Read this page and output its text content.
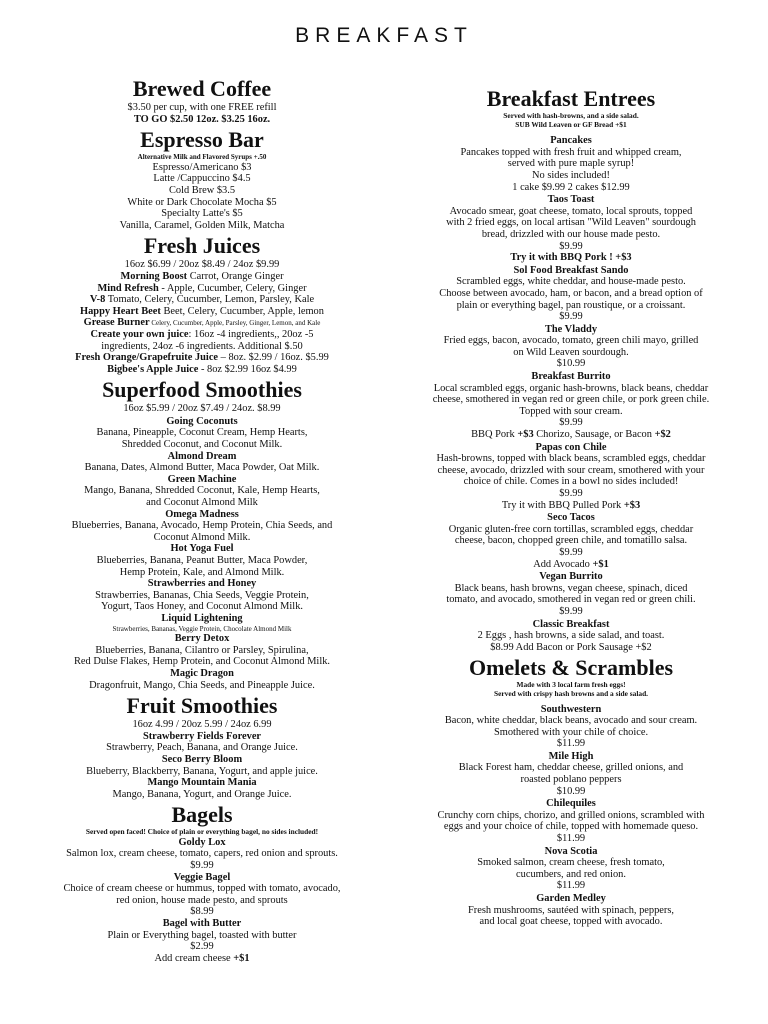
BREAKFAST
Brewed Coffee
$3.50 per cup, with one FREE refill
TO GO $2.50 12oz. $3.25 16oz.
Espresso Bar
Alternative Milk and Flavored Syrups +.50
Espresso/Americano $3
Latte /Cappuccino $4.5
Cold Brew $3.5
White or Dark Chocolate Mocha $5
Specialty Latte's $5
Vanilla, Caramel, Golden Milk, Matcha
Fresh Juices
16oz $6.99 / 20oz $8.49 / 24oz $9.99
Morning Boost Carrot, Orange Ginger
Mind Refresh - Apple, Cucumber, Celery, Ginger
V-8 Tomato, Celery, Cucumber, Lemon, Parsley, Kale
Happy Heart Beet Beet, Celery, Cucumber, Apple, lemon
Grease Burner Celery, Cucumber, Apple, Parsley, Ginger, Lemon, and Kale
Create your own juice: 16oz -4 ingredients,, 20oz -5
ingredients, 24oz -6 ingredients. Additional $.50
Fresh Orange/Grapefruite Juice – 8oz. $2.99 / 16oz. $5.99
Bigbee's Apple Juice - 8oz $2.99 16oz $4.99
Superfood Smoothies
16oz $5.99 / 20oz $7.49 / 24oz. $8.99
Going Coconuts
Banana, Pineapple, Coconut Cream, Hemp Hearts,
Shredded Coconut, and Coconut Milk.
Almond Dream
Banana, Dates, Almond Butter, Maca Powder, Oat Milk.
Green Machine
Mango, Banana, Shredded Coconut, Kale, Hemp Hearts,
and Coconut Almond Milk
Omega Madness
Blueberries, Banana, Avocado, Hemp Protein, Chia Seeds, and
Coconut Almond Milk.
Hot Yoga Fuel
Blueberries, Banana, Peanut Butter, Maca Powder,
Hemp Protein, Kale, and Almond Milk.
Strawberries and Honey
Strawberries, Bananas, Chia Seeds, Veggie Protein,
Yogurt, Taos Honey, and Coconut Almond Milk.
Liquid Lightening
Strawberries, Bananas, Veggie Protein, Chocolate Almond Milk
Berry Detox
Blueberries, Banana, Cilantro or Parsley, Spirulina,
Red Dulse Flakes, Hemp Protein, and Coconut Almond Milk.
Magic Dragon
Dragonfruit, Mango, Chia Seeds, and Pineapple Juice.
Fruit Smoothies
16oz 4.99 / 20oz 5.99 / 24oz 6.99
Strawberry Fields Forever
Strawberry, Peach, Banana, and Orange Juice.
Seco Berry Bloom
Blueberry, Blackberry, Banana, Yogurt, and apple juice.
Mango Mountain Mania
Mango, Banana, Yogurt, and Orange Juice.
Bagels
Served open faced! Choice of plain or everything bagel, no sides included!
Goldy Lox
Salmon lox, cream cheese, tomato, capers, red onion and sprouts.
$9.99
Veggie Bagel
Choice of cream cheese or hummus, topped with tomato, avocado,
red onion, house made pesto, and sprouts
$8.99
Bagel with Butter
Plain or Everything bagel, toasted with butter
$2.99
Add cream cheese +$1
Breakfast Entrees
Served with hash-browns, and a side salad.
SUB Wild Leaven or GF Bread +$1
Pancakes
Pancakes topped with fresh fruit and whipped cream,
served with pure maple syrup!
No sides included!
1 cake $9.99 2 cakes $12.99
Taos Toast
Avocado smear, goat cheese, tomato, local sprouts, topped
with 2 fried eggs, on local artisan "Wild Leaven" sourdough
bread, drizzled with our house made pesto.
$9.99
Try it with BBQ Pork ! +$3
Sol Food Breakfast Sando
Scrambled eggs, white cheddar, and house-made pesto.
Choose between avocado, ham, or bacon, and a bread option of
plain or everything bagel, pan roustique, or a croissant.
$9.99
The Vladdy
Fried eggs, bacon, avocado, tomato, green chili mayo, grilled
on Wild Leaven sourdough.
$10.99
Breakfast Burrito
Local scrambled eggs, organic hash-browns, black beans, cheddar
cheese, smothered in vegan red or green chile, or pork green chile.
Topped with sour cream.
$9.99
BBQ Pork +$3 Chorizo, Sausage, or Bacon +$2
Papas con Chile
Hash-browns, topped with black beans, scrambled eggs, cheddar
cheese, avocado, drizzled with sour cream, smothered with your
choice of chile. Comes in a bowl no sides included!
$9.99
Try it with BBQ Pulled Pork +$3
Seco Tacos
Organic gluten-free corn tortillas, scrambled eggs, cheddar
cheese, bacon, chopped green chile, and tomatillo salsa.
$9.99
Add Avocado +$1
Vegan Burrito
Black beans, hash browns, vegan cheese, spinach, diced
tomato, and avocado, smothered in vegan red or green chili.
$9.99
Classic Breakfast
2 Eggs , hash browns, a side salad, and toast.
$8.99 Add Bacon or Pork Sausage +$2
Omelets & Scrambles
Made with 3 local farm fresh eggs!
Served with crispy hash browns and a side salad.
Southwestern
Bacon, white cheddar, black beans, avocado and sour cream.
Smothered with your chile of choice.
$11.99
Mile High
Black Forest ham, cheddar cheese, grilled onions, and
roasted poblano peppers
$10.99
Chilequiles
Crunchy corn chips, chorizo, and grilled onions, scrambled with
eggs and your choice of chile, topped with homemade queso.
$11.99
Nova Scotia
Smoked salmon, cream cheese, fresh tomato,
cucumbers, and red onion.
$11.99
Garden Medley
Fresh mushrooms, sautéed with spinach, peppers,
and local goat cheese, topped with avocado.
